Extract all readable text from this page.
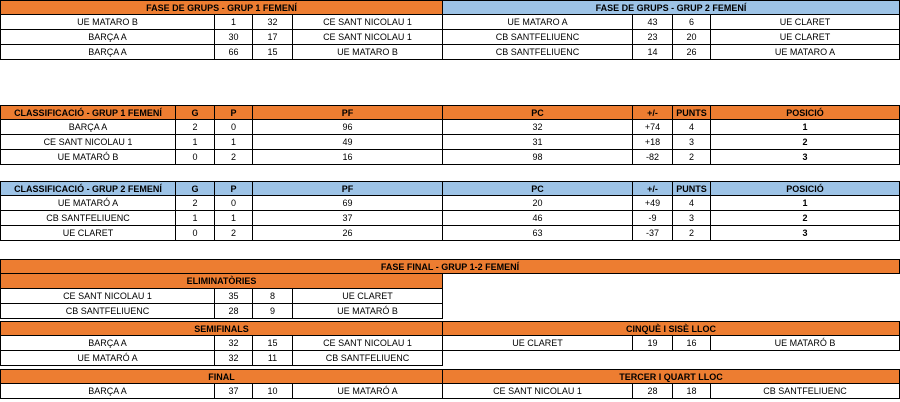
FASE DE GRUPS - GRUP 1 FEMENÍ	FASE DE GRUPS - GRUP 2 FEMENÍ
UE MATARO B	1	32	CE SANT NICOLAU 1	UE MATARO A	43	6	UE CLARET
BARÇA A	30	17	CE SANT NICOLAU 1	CB SANTFELIUENC	23	20	UE CLARET
BARÇA A	66	15	UE MATARO B	CB SANTFELIUENC	14	26	UE MATARO A
CLASSIFICACIÓ - GRUP 1 FEMENÍ	G	P	PF	PC	+/-	PUNTS	POSICIÓ
BARÇA A	2	0	96	32	+74	4	1
CE SANT NICOLAU 1	1	1	49	31	+18	3	2
UE MATARÓ B	0	2	16	98	-82	2	3
CLASSIFICACIÓ - GRUP 2 FEMENÍ	G	P	PF	PC	+/-	PUNTS	POSICIÓ
UE MATARÓ A	2	0	69	20	+49	4	1
CB SANTFELIUENC	1	1	37	46	-9	3	2
UE CLARET	0	2	26	63	-37	2	3
FASE FINAL - GRUP 1-2 FEMENÍ
ELIMINATÒRIES
CE SANT NICOLAU 1	35	8	UE CLARET
CB SANTFELIUENC	28	9	UE MATARÓ B
SEMIFINALS	CINQUÈ I SISÈ LLOC
BARÇA A	32	15	CE SANT NICOLAU 1	UE CLARET	19	16	UE MATARÓ B
UE MATARÓ A	32	11	CB SANTFELIUENC
FINAL	TERCER I QUART LLOC
BARÇA A	37	10	UE MATARÓ A	CE SANT NICOLAU 1	28	18	CB SANTFELIUENC
